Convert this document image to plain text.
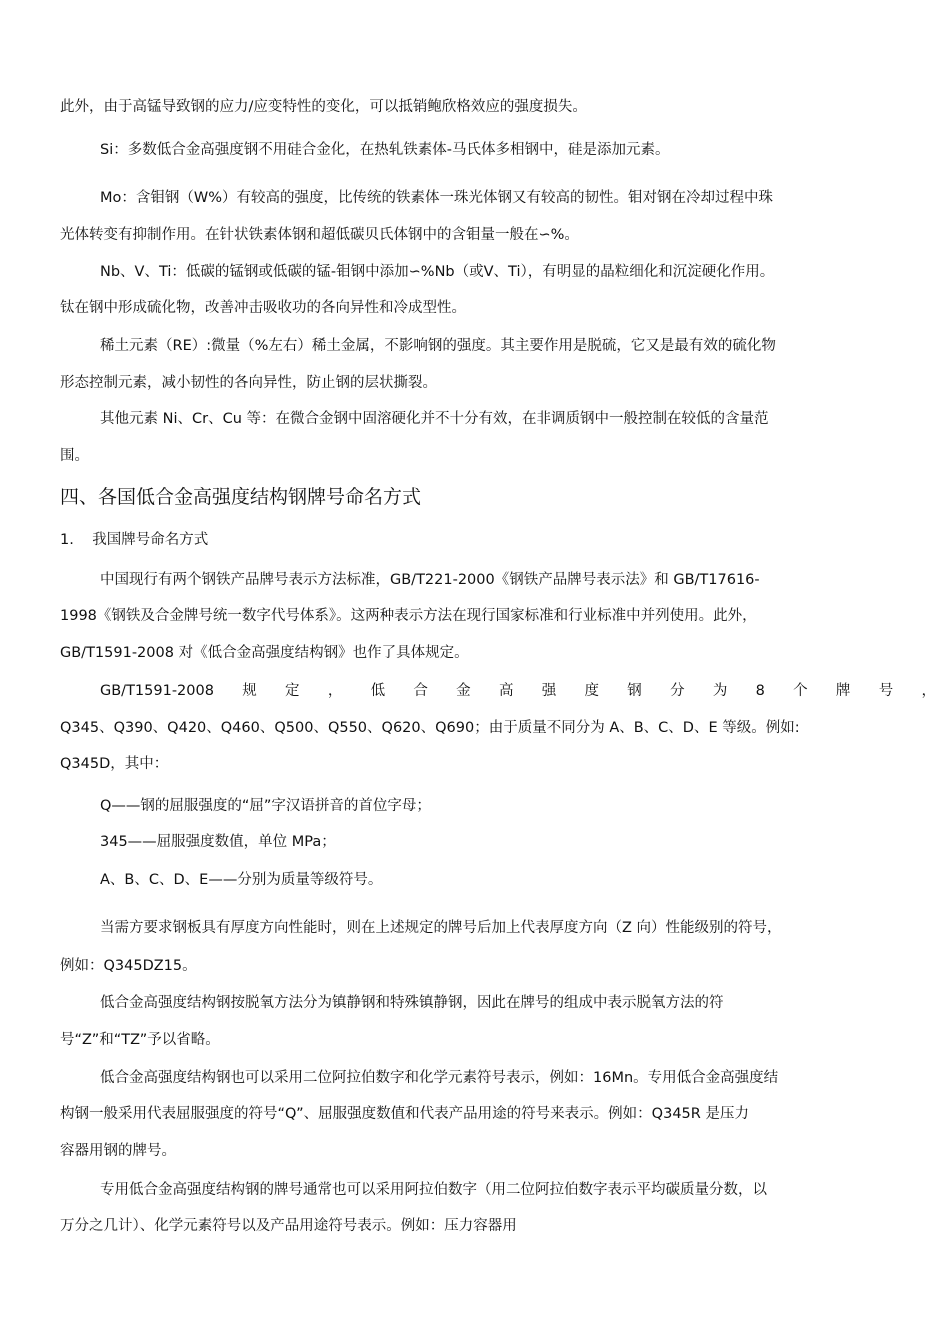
此外，由于高锰导致钢的应力/应变特性的变化，可以抵销鲍欣格效应的强度损失。
Si：多数低合金高强度钢不用硅合金化，在热轧铁素体-马氏体多相钢中，硅是添加元素。
Mo：含钼钢（W%）有较高的强度，比传统的铁素体一珠光体钢又有较高的韧性。钼对钢在冷却过程中珠
光体转变有抑制作用。在针状铁素体钢和超低碳贝氏体钢中的含钼量一般在∽%。
Nb、V、Ti：低碳的锰钢或低碳的锰-钼钢中添加∽%Nb（或V、Ti），有明显的晶粒细化和沉淀硬化作用。
钛在钢中形成硫化物，改善冲击吸收功的各向异性和冷成型性。
稀土元素（RE）:微量（%左右）稀土金属，不影响钢的强度。其主要作用是脱硫，它又是最有效的硫化物
形态控制元素，减小韧性的各向异性，防止钢的层状撕裂。
其他元素 Ni、Cr、Cu 等：在微合金钢中固溶硬化并不十分有效，在非调质钢中一般控制在较低的含量范
围。
四、各国低合金高强度结构钢牌号命名方式
1.    我国牌号命名方式
中国现行有两个钢铁产品牌号表示方法标准，GB/T221-2000《钢铁产品牌号表示法》和 GB/T17616-
1998《钢铁及合金牌号统一数字代号体系》。这两种表示方法在现行国家标准和行业标准中并列使用。此外，
GB/T1591-2008 对《低合金高强度结构钢》也作了具体规定。
GB/T1591-2008 规 定 ， 低 合 金 高 强 度 钢 分 为 8 个 牌 号 ，
Q345、Q390、Q420、Q460、Q500、Q550、Q620、Q690；由于质量不同分为 A、B、C、D、E 等级。例如:
Q345D，其中：
Q——钢的屈服强度的“屈”字汉语拼音的首位字母；
345——屈服强度数值，单位 MPa；
A、B、C、D、E——分别为质量等级符号。
当需方要求钢板具有厚度方向性能时，则在上述规定的牌号后加上代表厚度方向（Z 向）性能级别的符号，
例如：Q345DZ15。
低合金高强度结构钢按脱氧方法分为镇静钢和特殊镇静钢，因此在牌号的组成中表示脱氧方法的符
号“Z”和“TZ”予以省略。
低合金高强度结构钢也可以采用二位阿拉伯数字和化学元素符号表示，例如：16Mn。专用低合金高强度结
构钢一般采用代表屈服强度的符号“Q”、屈服强度数值和代表产品用途的符号来表示。例如：Q345R 是压力
容器用钢的牌号。
专用低合金高强度结构钢的牌号通常也可以采用阿拉伯数字（用二位阿拉伯数字表示平均碳质量分数，以
万分之几计）、化学元素符号以及产品用途符号表示。例如：压力容器用
